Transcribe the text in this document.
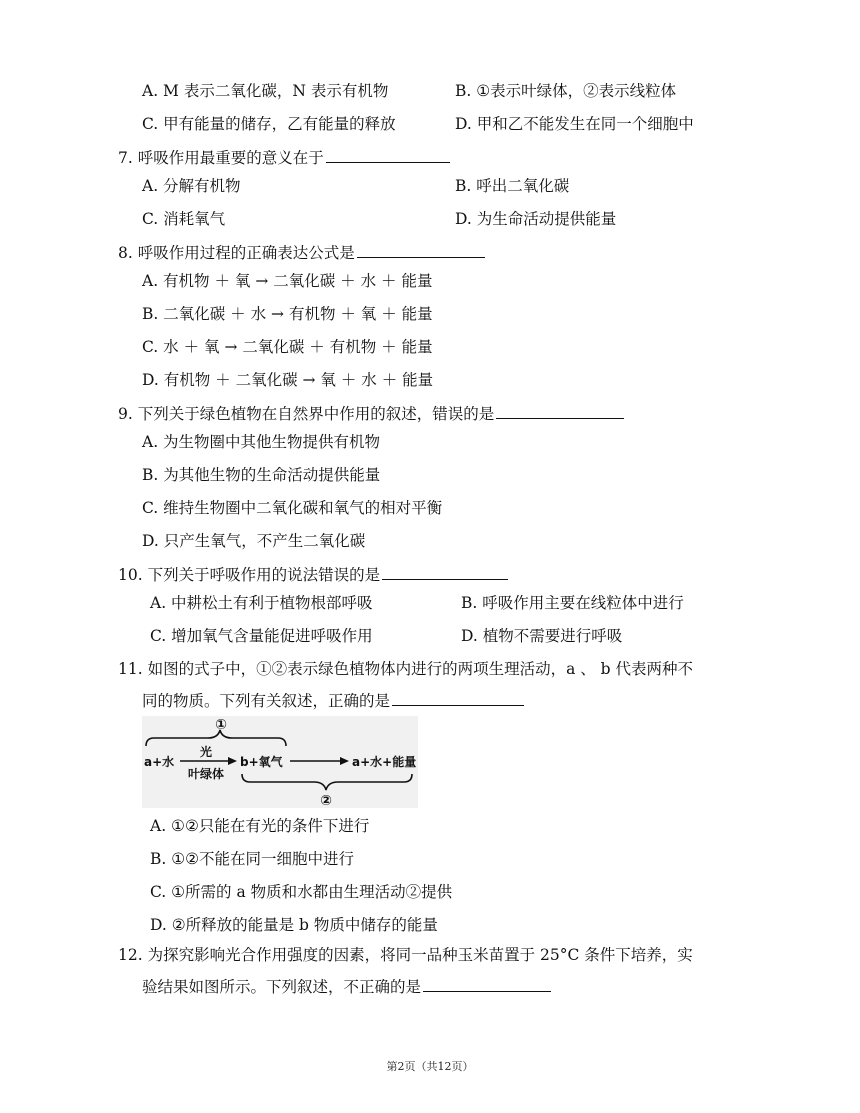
A. M 表示二氧化碳，N 表示有机物	B. ①表示叶绿体，②表示线粒体
C. 甲有能量的储存，乙有能量的释放	D. 甲和乙不能发生在同一个细胞中
7. 呼吸作用最重要的意义在于
A. 分解有机物	B. 呼出二氧化碳
C. 消耗氧气	D. 为生命活动提供能量
8. 呼吸作用过程的正确表达公式是
A. 有机物 ＋ 氧 → 二氧化碳 ＋ 水 ＋ 能量
B. 二氧化碳 ＋ 水 → 有机物 ＋ 氧 ＋ 能量
C. 水 ＋ 氧 → 二氧化碳 ＋ 有机物 ＋ 能量
D. 有机物 ＋ 二氧化碳 → 氧 ＋ 水 ＋ 能量
9. 下列关于绿色植物在自然界中作用的叙述，错误的是
A. 为生物圈中其他生物提供有机物
B. 为其他生物的生命活动提供能量
C. 维持生物圈中二氧化碳和氧气的相对平衡
D. 只产生氧气，不产生二氧化碳
10. 下列关于呼吸作用的说法错误的是
A. 中耕松土有利于植物根部呼吸	B. 呼吸作用主要在线粒体中进行
C. 增加氧气含量能促进呼吸作用	D. 植物不需要进行呼吸
11. 如图的式子中，①②表示绿色植物体内进行的两项生理活动，a 、 b 代表两种不
同的物质。下列有关叙述，正确的是
①
a+水
光
叶绿体
b+氧气	a+水+能量
②
A. ①②只能在有光的条件下进行
B. ①②不能在同一细胞中进行
C. ①所需的 a 物质和水都由生理活动②提供
D. ②所释放的能量是 b 物质中储存的能量
12. 为探究影响光合作用强度的因素，将同一品种玉米苗置于 25°C 条件下培养，实
验结果如图所示。下列叙述，不正确的是
第2页（共12页）
